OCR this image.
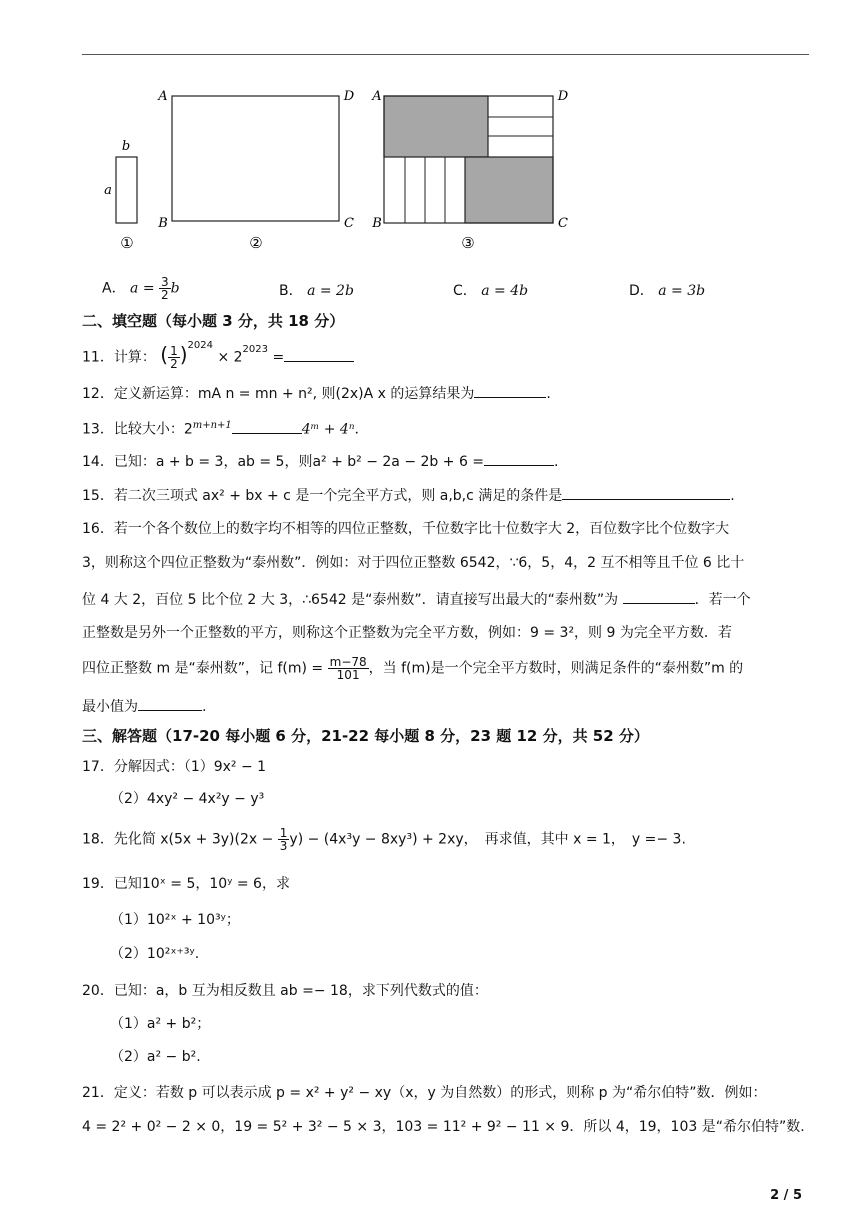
b
a
①
A	D
B	C
②
A	D
B	C
③
A． $a = \frac{3}{2}$ b	B． a = 2b	C． a = 4b	D． a = 3b
二、填空题（每小题 3 分，共 18 分）
11．计算： ( $\frac{1}{2} )^{2024} \times 2^{2023}$ =
12．定义新运算：mA n = mn + n², 则(2x)A x 的运算结果为	.
13．比较大小：$2^{m+n+1}$	4ᵐ + 4ⁿ.
14．已知：a + b = 3，ab = 5，则a² + b² − 2a − 2b + 6 =	.
15．若二次三项式 ax² + bx + c 是一个完全平方式，则 a,b,c 满足的条件是	.
16．若一个各个数位上的数字均不相等的四位正整数，千位数字比十位数字大 2，百位数字比个位数字大
3，则称这个四位正整数为“泰州数”．例如：对于四位正整数 6542，∵6，5，4，2 互不相等且千位 6 比十
位 4 大 2，百位 5 比个位 2 大 3，∴6542 是“泰州数”．请直接写出最大的“泰州数”为	．若一个
正整数是另外一个正整数的平方，则称这个正整数为完全平方数，例如：9 = 3²，则 9 为完全平方数．若
四位正整数 m 是“泰州数”，记 $f(m) = \frac{m-78}{101}$ ，当 f(m)是一个完全平方数时，则满足条件的“泰州数”m 的
最小值为	.
三、解答题（17-20 每小题 6 分，21-22 每小题 8 分，23 题 12 分，共 52 分）
17．分解因式：（1）9x² − 1
（2）4xy² − 4x²y − y³
18．先化简 $x(5x + 3y)(2x - \frac{1}{3} y) - (4x^3y - 8xy^3) + 2xy$，　再求值，其中 x = 1，　y =− 3.
19．已知10ˣ = 5，10ʸ = 6，求
（1）10²ˣ + 10³ʸ；
（2）10²ˣ⁺³ʸ.
20．已知：a，b 互为相反数且 ab =− 18，求下列代数式的值：
（1）a² + b²；
（2）a² − b².
21．定义：若数 p 可以表示成 p = x² + y² − xy（x，y 为自然数）的形式，则称 p 为“希尔伯特”数．例如：
4 = 2² + 0² − 2 × 0，19 = 5² + 3² − 5 × 3，103 = 11² + 9² − 11 × 9．所以 4，19，103 是“希尔伯特”数.
2 / 5
